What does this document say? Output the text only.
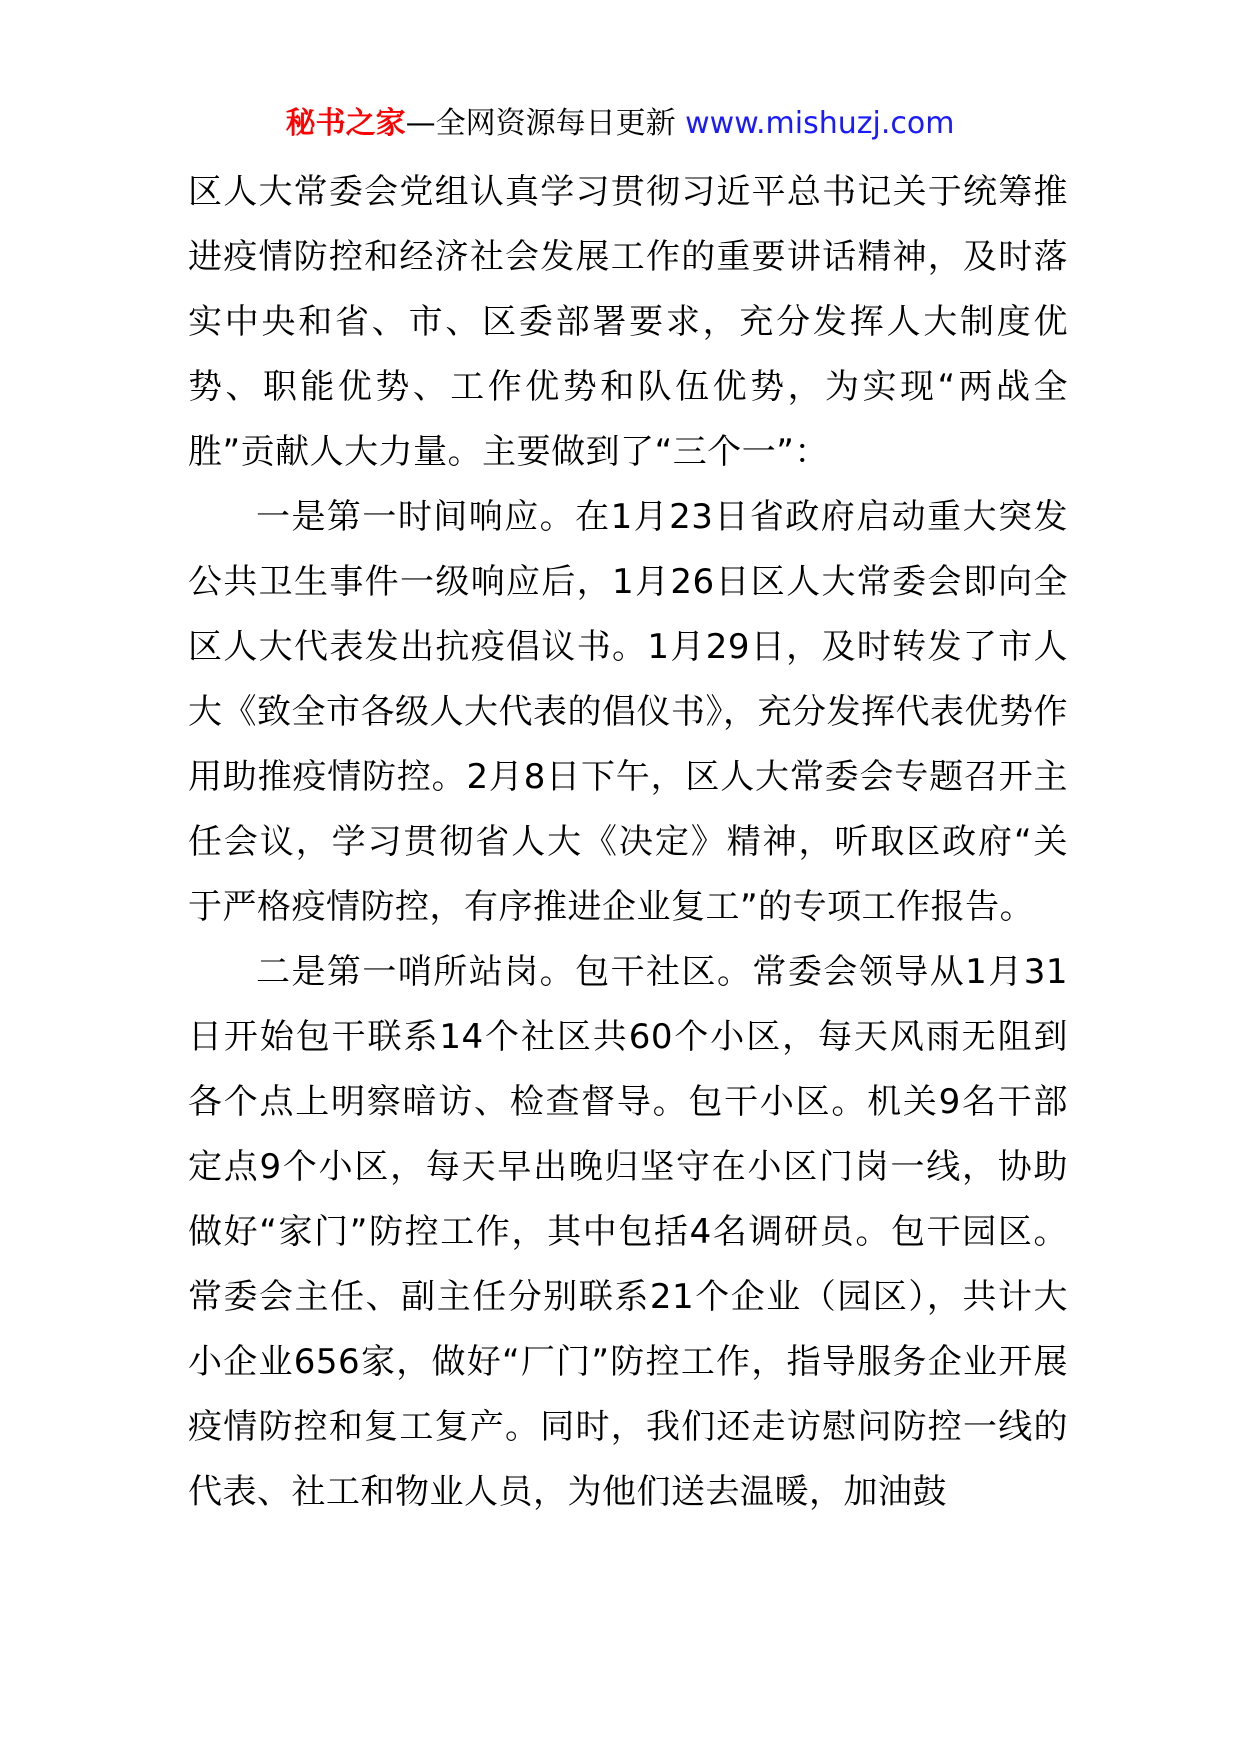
秘书之家—全网资源每日更新 www.mishuzj.com

区人大常委会党组认真学习贯彻习近平总书记关于统筹推进疫情防控和经济社会发展工作的重要讲话精神，及时落实中央和省、市、区委部署要求，充分发挥人大制度优势、职能优势、工作优势和队伍优势，为实现“两战全胜”贡献人大力量。主要做到了“三个一”：

一是第一时间响应。在1月23日省政府启动重大突发公共卫生事件一级响应后，1月26日区人大常委会即向全区人大代表发出抗疫倡议书。1月29日，及时转发了市人大《致全市各级人大代表的倡仪书》，充分发挥代表优势作用助推疫情防控。2月8日下午，区人大常委会专题召开主任会议，学习贯彻省人大《决定》精神，听取区政府“关于严格疫情防控，有序推进企业复工”的专项工作报告。

二是第一哨所站岗。包干社区。常委会领导从1月31日开始包干联系14个社区共60个小区，每天风雨无阻到各个点上明察暗访、检查督导。包干小区。机关9名干部定点9个小区，每天早出晚归坚守在小区门岗一线，协助做好“家门”防控工作，其中包括4名调研员。包干园区。常委会主任、副主任分别联系21个企业（园区），共计大小企业656家，做好“厂门”防控工作，指导服务企业开展疫情防控和复工复产。同时，我们还走访慰问防控一线的代表、社工和物业人员，为他们送去温暖，加油鼓
